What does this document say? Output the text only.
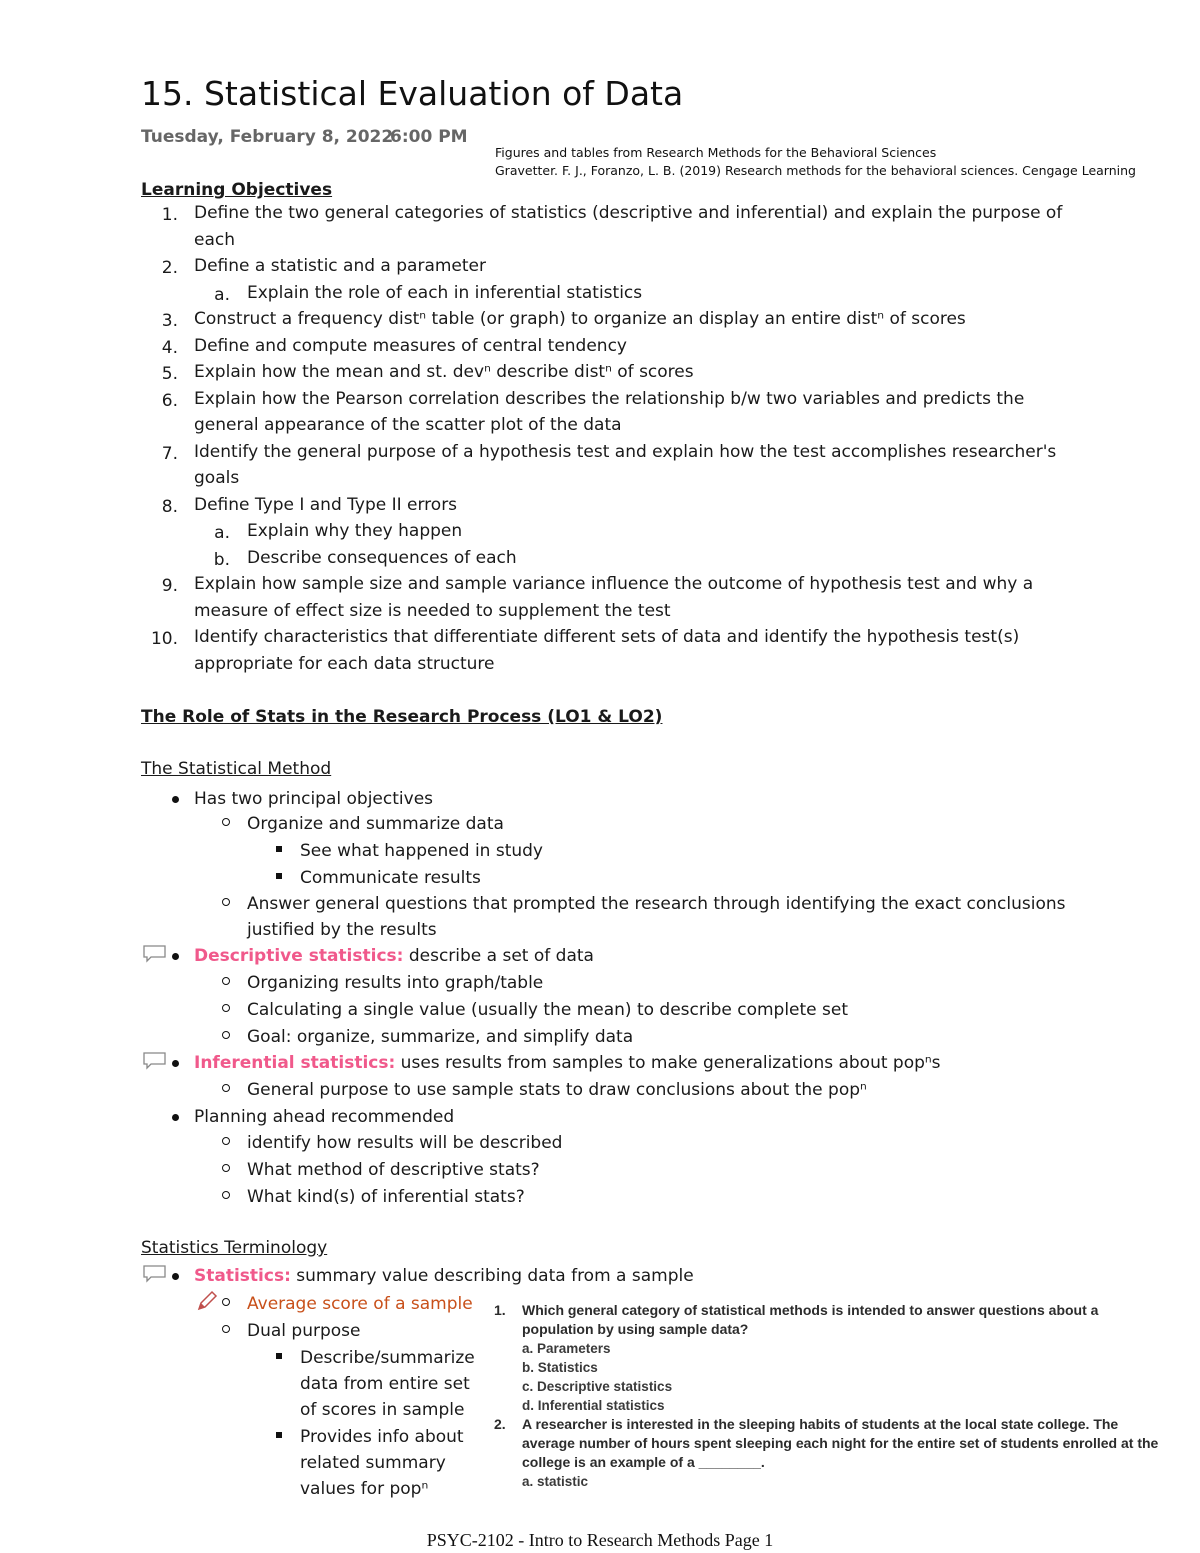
15. Statistical Evaluation of Data
Tuesday, February 8, 2022
6:00 PM
Figures and tables from Research Methods for the Behavioral Sciences
Gravetter. F. J., Foranzo, L. B. (2019) Research methods for the behavioral sciences. Cengage Learning
Learning Objectives
1. Define the two general categories of statistics (descriptive and inferential) and explain the purpose of
each
2. Define a statistic and a parameter
a. Explain the role of each in inferential statistics
3. Construct a frequency distⁿ table (or graph) to organize an display an entire distⁿ of scores
4. Define and compute measures of central tendency
5. Explain how the mean and st. devⁿ describe distⁿ of scores
6. Explain how the Pearson correlation describes the relationship b/w two variables and predicts the
general appearance of the scatter plot of the data
7. Identify the general purpose of a hypothesis test and explain how the test accomplishes researcher's
goals
8. Define Type I and Type II errors
a. Explain why they happen
b. Describe consequences of each
9. Explain how sample size and sample variance influence the outcome of hypothesis test and why a
measure of effect size is needed to supplement the test
10. Identify characteristics that differentiate different sets of data and identify the hypothesis test(s)
appropriate for each data structure
The Role of Stats in the Research Process (LO1 & LO2)
The Statistical Method
Has two principal objectives
Organize and summarize data
See what happened in study
Communicate results
Answer general questions that prompted the research through identifying the exact conclusions
justified by the results
Descriptive statistics: describe a set of data
Organizing results into graph/table
Calculating a single value (usually the mean) to describe complete set
Goal: organize, summarize, and simplify data
Inferential statistics: uses results from samples to make generalizations about popⁿs
General purpose to use sample stats to draw conclusions about the popⁿ
Planning ahead recommended
identify how results will be described
What method of descriptive stats?
What kind(s) of inferential stats?
Statistics Terminology
Statistics: summary value describing data from a sample
Average score of a sample
Dual purpose
Describe/summarize
data from entire set
of scores in sample
Provides info about
related summary
values for popⁿ
1. Which general category of statistical methods is intended to answer questions about a
population by using sample data?
a. Parameters
b. Statistics
c. Descriptive statistics
d. Inferential statistics
2. A researcher is interested in the sleeping habits of students at the local state college. The
average number of hours spent sleeping each night for the entire set of students enrolled at the
college is an example of a ________.
a. statistic
PSYC-2102 - Intro to Research Methods Page 1
